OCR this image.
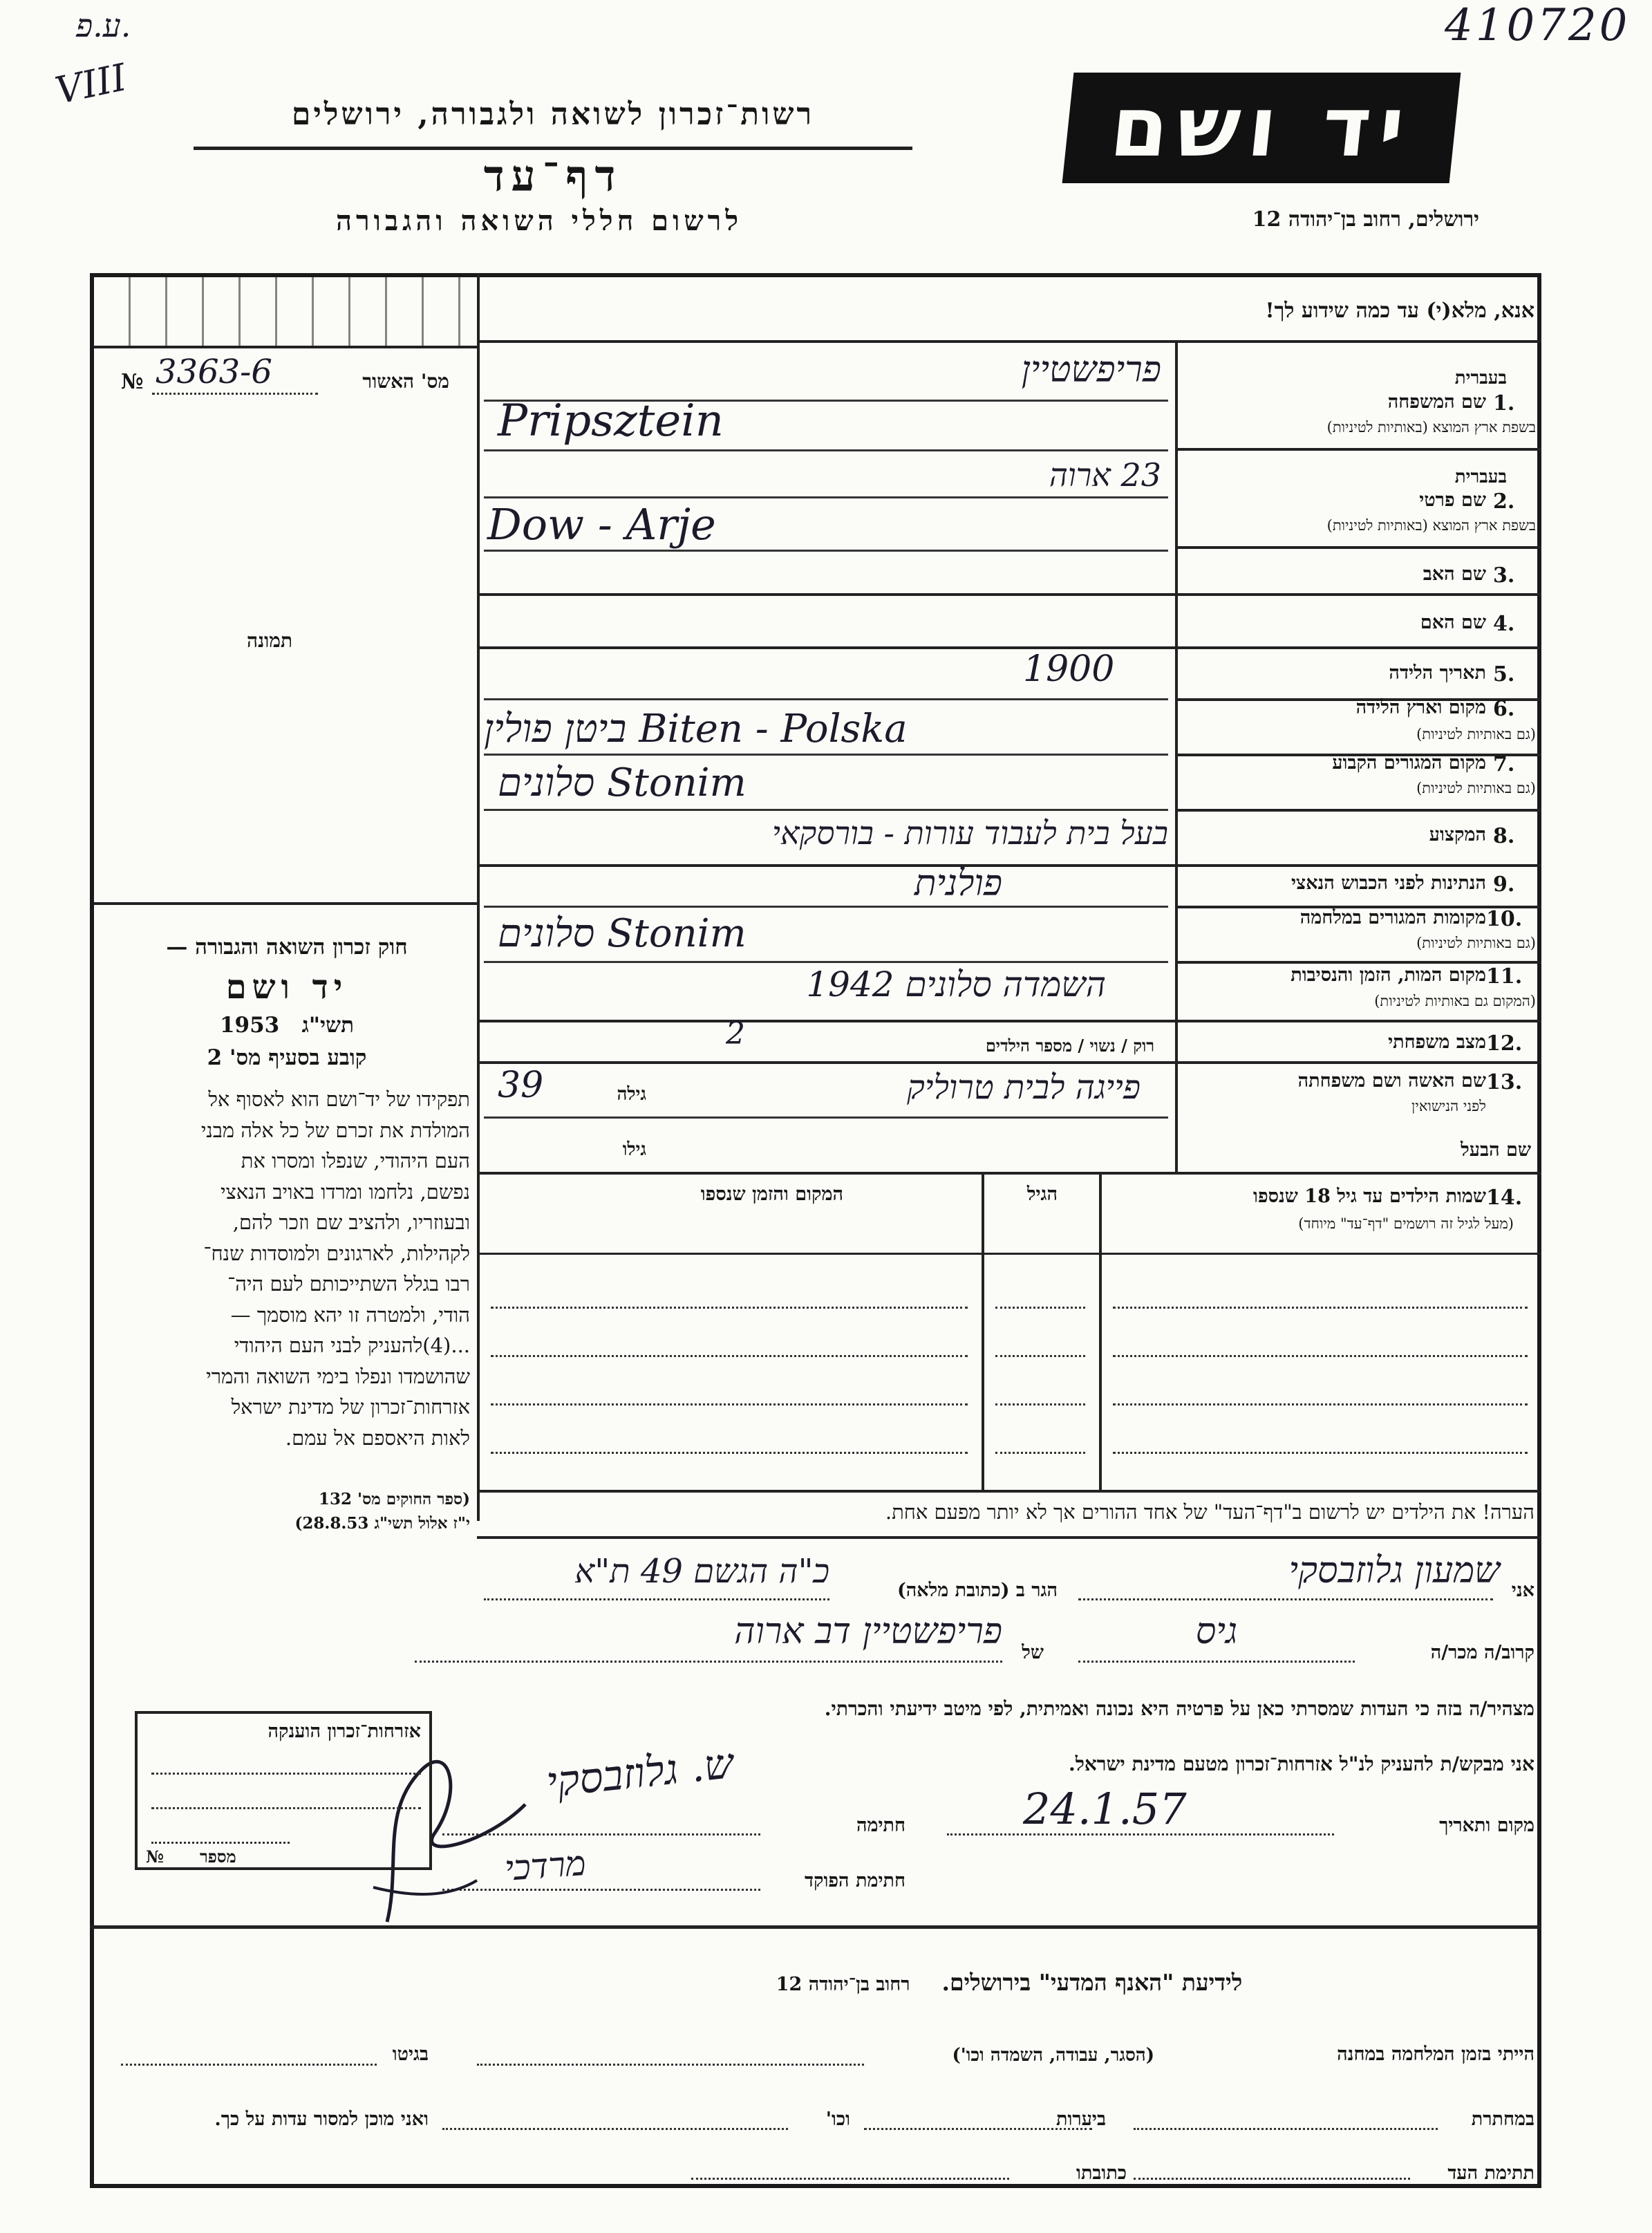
ע.פ.
VIII
410720
רשות־זכרון לשואה ולגבורה, ירושלים
דף־עד
לרשום חללי השואה והגבורה
יד ושם
ירושלים, רחוב בן־יהודה 12
אנא, מלא(י) עד כמה שידוע לך!
№ 3363-6	מס' האשור
תמונה
חוק זכרון השואה והגבורה —
יד ושם
1953 תשי"ג
קובע בסעיף מס' 2
תפקידו של יד־ושם הוא לאסוף אל
המולדת את זכרם של כל אלה מבני
העם היהודי, שנפלו ומסרו את
נפשם, נלחמו ומרדו באויב הנאצי
ובעוזריו, ולהציב שם וזכר להם,
לקהילות, לארגונים ולמוסדות שנח־
רבו בגלל השתייכותם לעם היה־
הודי, ולמטרה זו יהא מוסמך —
...(4)להעניק לבני העם היהודי
שהושמדו ונפלו בימי השואה והמרי
אזרחות־זכרון של מדינת ישראל
לאות היאספם אל עמם.
(ספר החוקים מס' 132
י"ז אלול תשי"ג 28.8.53)
בעברית
1.
שם המשפחה
בשפת ארץ המוצא (באותיות לטיניות)
פריפשטיין
Pripsztein
בעברית
2.
שם פרטי
בשפת ארץ המוצא (באותיות לטיניות)
23 ארוה
Dow - Arje
3.
שם האב
4.
שם האם
5.
תאריך הלידה
1900
6.
מקום וארץ הלידה
(גם באותיות לטיניות)
ביטן פולין Biten - Polska
7.
מקום המגורים הקבוע
(גם באותיות לטיניות)
סלונים Stonim
8.
המקצוע
בעל בית לעבוד עורות - בורסקאי
9.
הנתינות לפני הכבוש הנאצי
פולנית
10.
מקומות המגורים במלחמה
(גם באותיות לטיניות)
סלונים Stonim
11.
מקום המות, הזמן והנסיבות
(המקום גם באותיות לטיניות)
השמדה סלונים 1942
12.
מצב משפחתי
רוק / נשוי / מספר הילדים
2
13.
שם האשה ושם משפחתה
לפני הנישואין
גילה
39	פייגה לבית טרוליק
שם הבעל
גילו
14.
שמות הילדים עד גיל 18 שנספו
(מעל לגיל זה רושמים "דף־עד" מיוחד)
הגיל
המקום והזמן שנספו
הערה! את הילדים יש לרשום ב"דף־העד" של אחד ההורים אך לא יותר מפעם אחת.
אני
שמעון גלוזבסקי
הגר ב (כתובת מלאה)
כ"ה הגשם 49 ת"א
קרוב/ה מכר/ה
גיס
של
פריפשטיין דב ארוה
מצהיר/ה בזה כי העדות שמסרתי כאן על פרטיה היא נכונה ואמיתית, לפי מיטב ידיעתי והכרתי.
אני מבקש/ת להעניק לנ"ל אזרחות־זכרון מטעם מדינת ישראל.
מקום ותאריך
24.1.57
חתימה
ש. גלוזבסקי
חתימת הפוקד
מרדכי
אזרחות־זכרון הוענקה
№ מספר
לידיעת "האנף המדעי" בירושלים.    רחוב בן־יהודה 12
הייתי בזמן המלחמה במחנה
(הסגר, עבודה, השמדה וכו')
בגיטו
במחתרת
ביערות
וכו'
ואני מוכן למסור עדות על כך.
תתימת העד
כתובתו
